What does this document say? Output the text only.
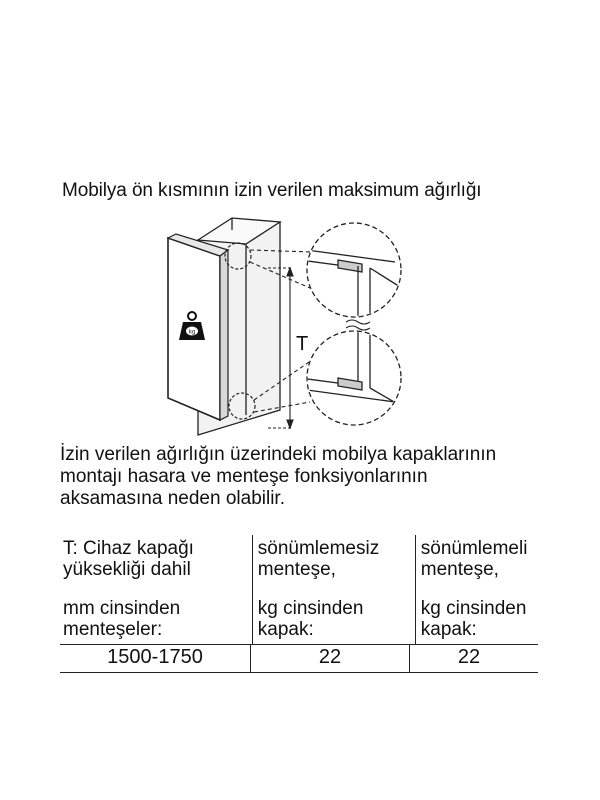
Mobilya ön kısmının izin verilen maksimum ağırlığı
kg
T
İzin verilen ağırlığın üzerindeki mobilya kapaklarının
montajı hasara ve menteşe fonksiyonlarının
aksamasına neden olabilir.
T: Cihaz kapağı
yüksekliği dahil
sönümlemesiz
menteşe,
sönümlemeli
menteşe,
mm cinsinden
menteşeler:
kg cinsinden
kapak:
kg cinsinden
kapak:
1500-1750	22	22
